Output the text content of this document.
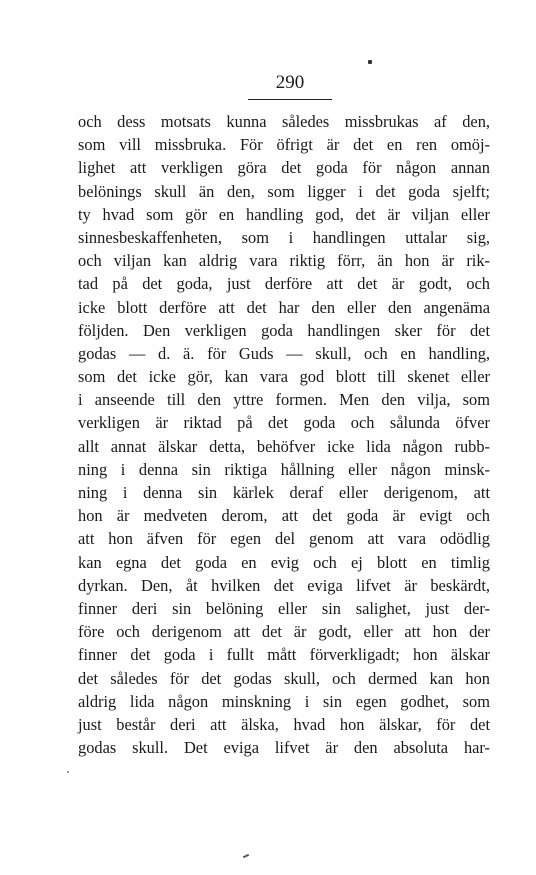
290
och dess motsats kunna således missbrukas af den,
som vill missbruka. För öfrigt är det en ren omöj-
lighet att verkligen göra det goda för någon annan
belönings skull än den, som ligger i det goda sjelft;
ty hvad som gör en handling god, det är viljan eller
sinnesbeskaffenheten, som i handlingen uttalar sig,
och viljan kan aldrig vara riktig förr, än hon är rik-
tad på det goda, just derföre att det är godt, och
icke blott derföre att det har den eller den angenäma
följden. Den verkligen goda handlingen sker för det
godas — d. ä. för Guds — skull, och en handling,
som det icke gör, kan vara god blott till skenet eller
i anseende till den yttre formen. Men den vilja, som
verkligen är riktad på det goda och sålunda öfver
allt annat älskar detta, behöfver icke lida någon rubb-
ning i denna sin riktiga hållning eller någon minsk-
ning i denna sin kärlek deraf eller derigenom, att
hon är medveten derom, att det goda är evigt och
att hon äfven för egen del genom att vara odödlig
kan egna det goda en evig och ej blott en timlig
dyrkan. Den, åt hvilken det eviga lifvet är beskärdt,
finner deri sin belöning eller sin salighet, just der-
före och derigenom att det är godt, eller att hon der
finner det goda i fullt mått förverkligadt; hon älskar
det således för det godas skull, och dermed kan hon
aldrig lida någon minskning i sin egen godhet, som
just består deri att älska, hvad hon älskar, för det
godas skull. Det eviga lifvet är den absoluta har-
